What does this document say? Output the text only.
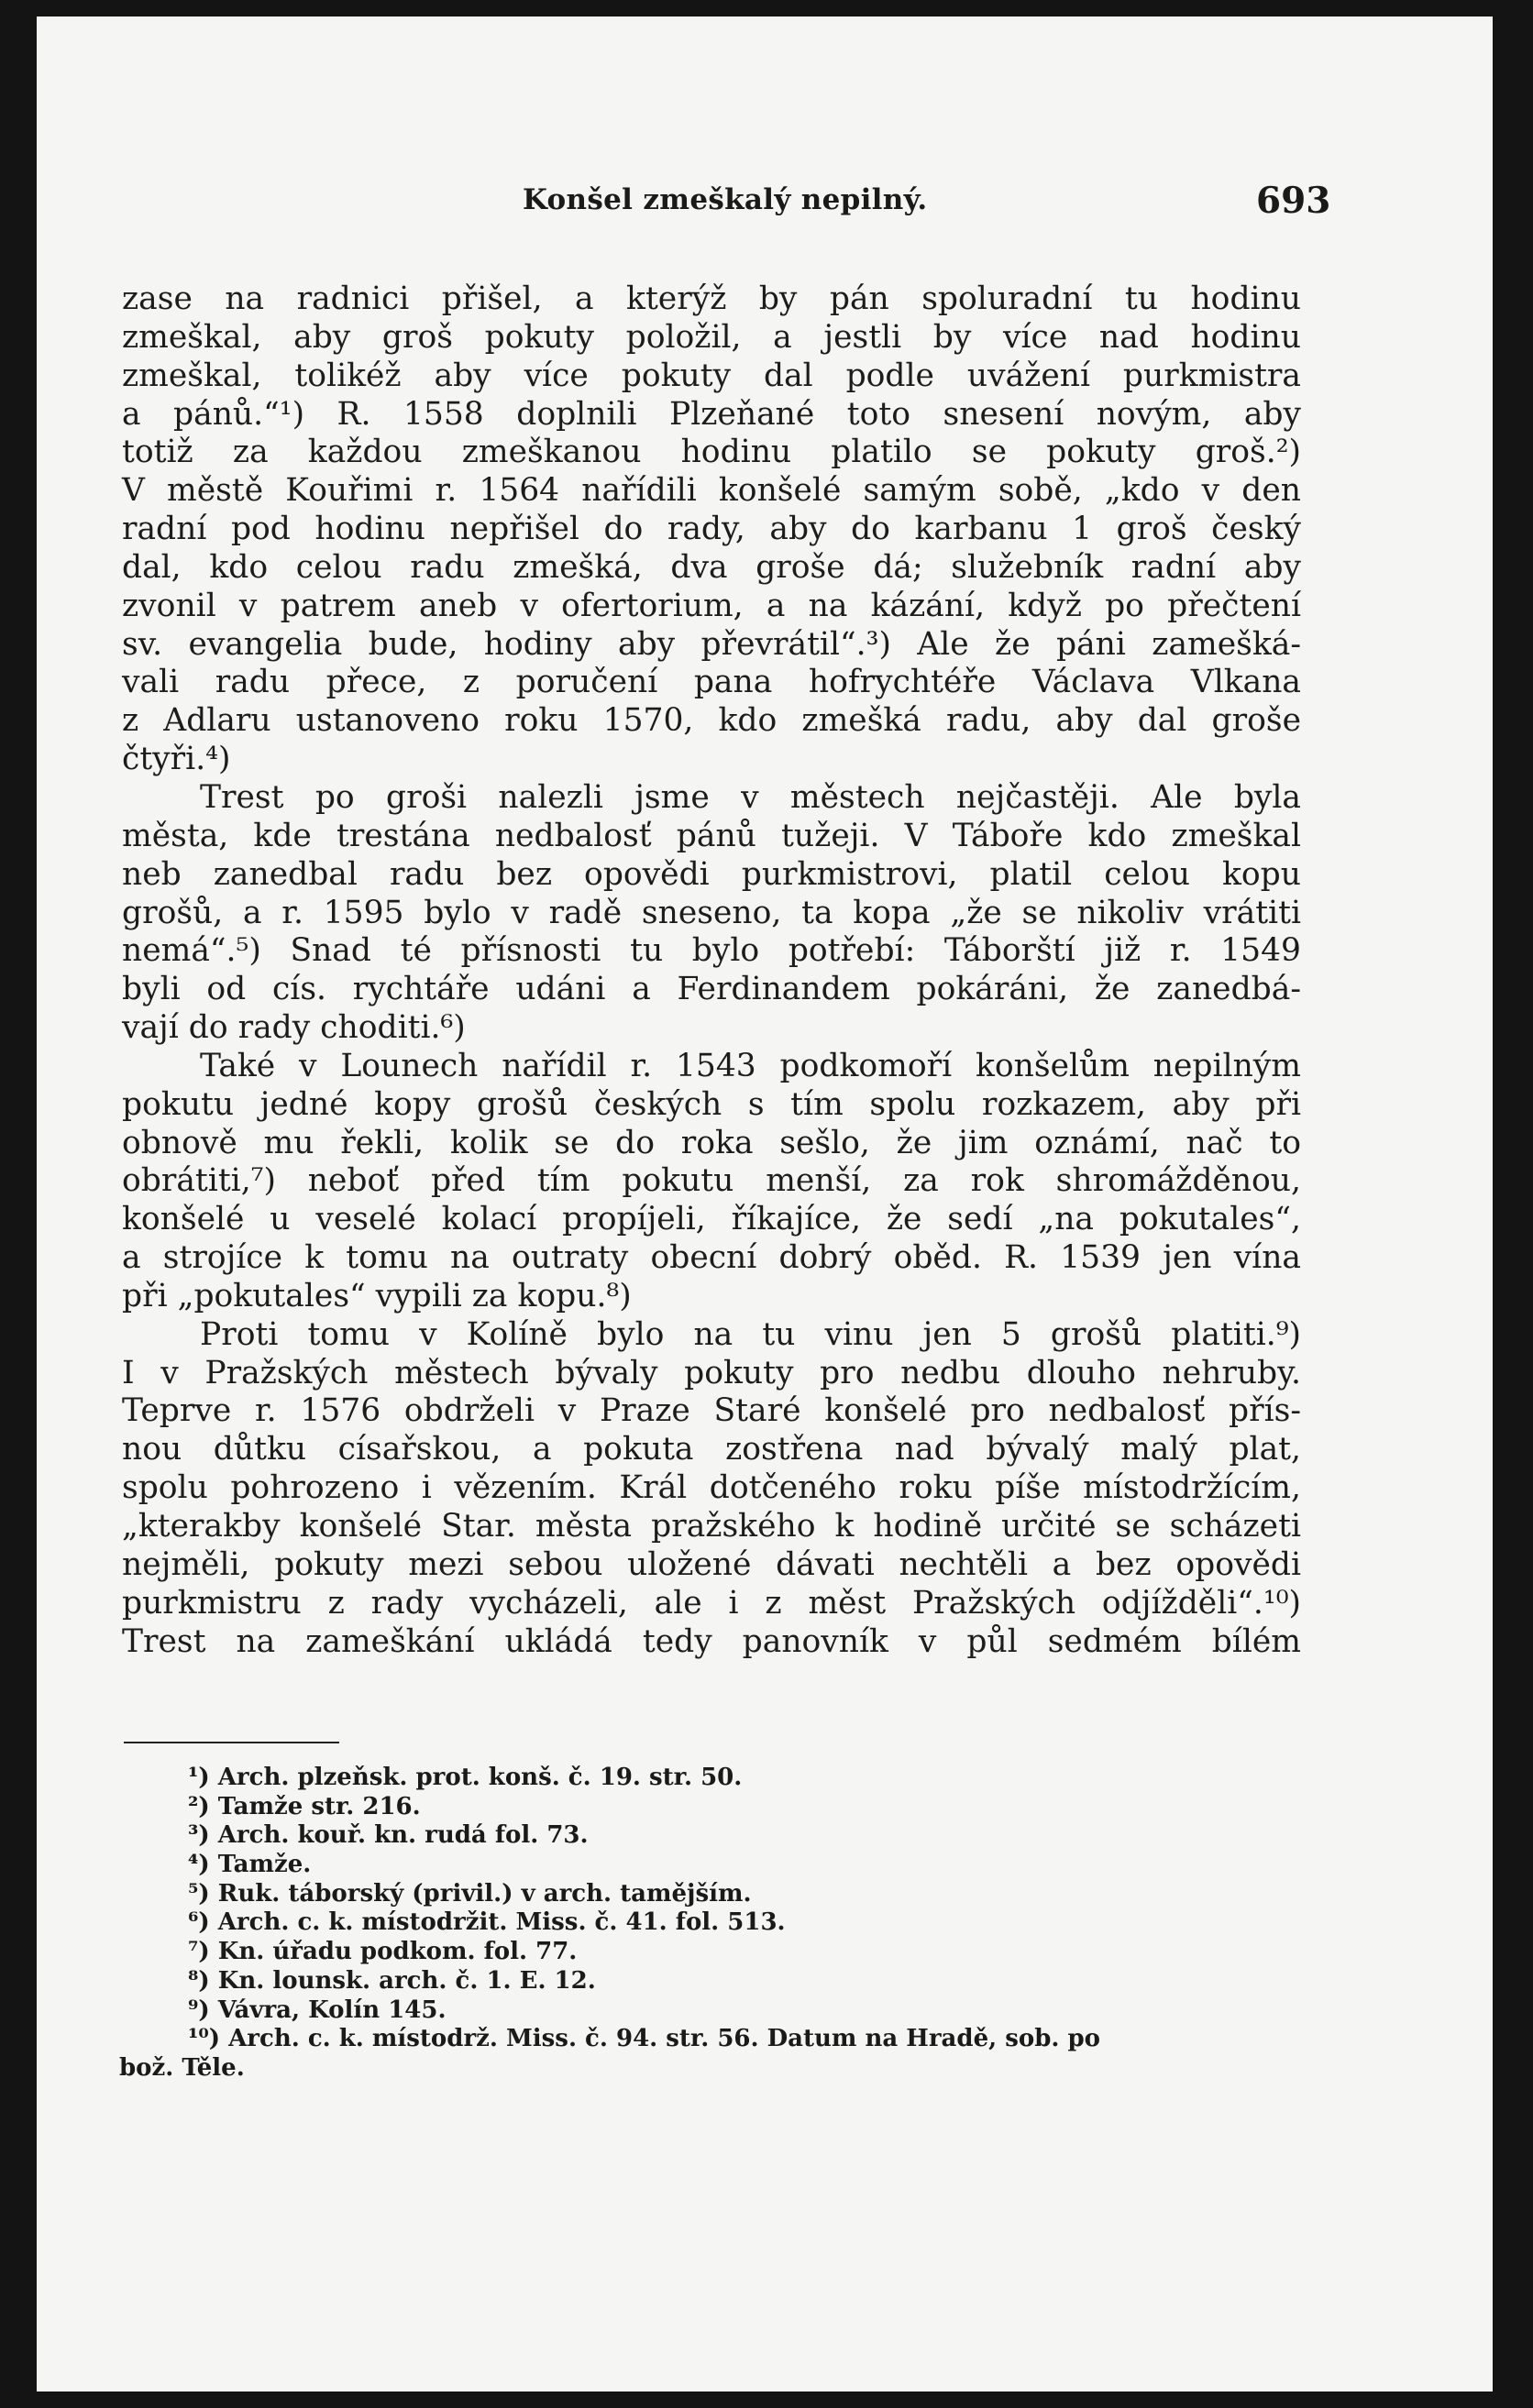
Konšel zmeškalý nepilný.	693
zase na radnici přišel, a kterýž by pán spoluradní tu hodinu
zmeškal, aby groš pokuty položil, a jestli by více nad hodinu
zmeškal, tolikéž aby více pokuty dal podle uvážení purkmistra
a pánů.“¹) R. 1558 doplnili Plzeňané toto snesení novým, aby
totiž za každou zmeškanou hodinu platilo se pokuty groš.²)
V městě Kouřimi r. 1564 nařídili konšelé samým sobě, „kdo v den
radní pod hodinu nepřišel do rady, aby do karbanu 1 groš český
dal, kdo celou radu zmešká, dva groše dá; služebník radní aby
zvonil v patrem aneb v ofertorium, a na kázání, když po přečtení
sv. evangelia bude, hodiny aby převrátil“.³) Ale že páni zamešká-
vali radu přece, z poručení pana hofrychtéře Václava Vlkana
z Adlaru ustanoveno roku 1570, kdo zmešká radu, aby dal groše
čtyři.⁴)
Trest po groši nalezli jsme v městech nejčastěji. Ale byla
města, kde trestána nedbalosť pánů tužeji. V Táboře kdo zmeškal
neb zanedbal radu bez opovědi purkmistrovi, platil celou kopu
grošů, a r. 1595 bylo v radě sneseno, ta kopa „že se nikoliv vrátiti
nemá“.⁵) Snad té přísnosti tu bylo potřebí: Táborští již r. 1549
byli od cís. rychtáře udáni a Ferdinandem pokáráni, že zanedbá-
vají do rady choditi.⁶)
Také v Lounech nařídil r. 1543 podkomoří konšelům nepilným
pokutu jedné kopy grošů českých s tím spolu rozkazem, aby při
obnově mu řekli, kolik se do roka sešlo, že jim oznámí, nač to
obrátiti,⁷) neboť před tím pokutu menší, za rok shromážděnou,
konšelé u veselé kolací propíjeli, říkajíce, že sedí „na pokutales“,
a strojíce k tomu na outraty obecní dobrý oběd. R. 1539 jen vína
při „pokutales“ vypili za kopu.⁸)
Proti tomu v Kolíně bylo na tu vinu jen 5 grošů platiti.⁹)
I v Pražských městech bývaly pokuty pro nedbu dlouho nehruby.
Teprve r. 1576 obdrželi v Praze Staré konšelé pro nedbalosť přís-
nou důtku císařskou, a pokuta zostřena nad bývalý malý plat,
spolu pohrozeno i vězením. Král dotčeného roku píše místodržícím,
„kterakby konšelé Star. města pražského k hodině určité se scházeti
nejměli, pokuty mezi sebou uložené dávati nechtěli a bez opovědi
purkmistru z rady vycházeli, ale i z měst Pražských odjížděli“.¹⁰)
Trest na zameškání ukládá tedy panovník v půl sedmém bílém
¹) Arch. plzeňsk. prot. konš. č. 19. str. 50.
²) Tamže str. 216.
³) Arch. kouř. kn. rudá fol. 73.
⁴) Tamže.
⁵) Ruk. táborský (privil.) v arch. tamějším.
⁶) Arch. c. k. místodržit. Miss. č. 41. fol. 513.
⁷) Kn. úřadu podkom. fol. 77.
⁸) Kn. lounsk. arch. č. 1. E. 12.
⁹) Vávra, Kolín 145.
¹⁰) Arch. c. k. místodrž. Miss. č. 94. str. 56. Datum na Hradě, sob. po
bož. Těle.
